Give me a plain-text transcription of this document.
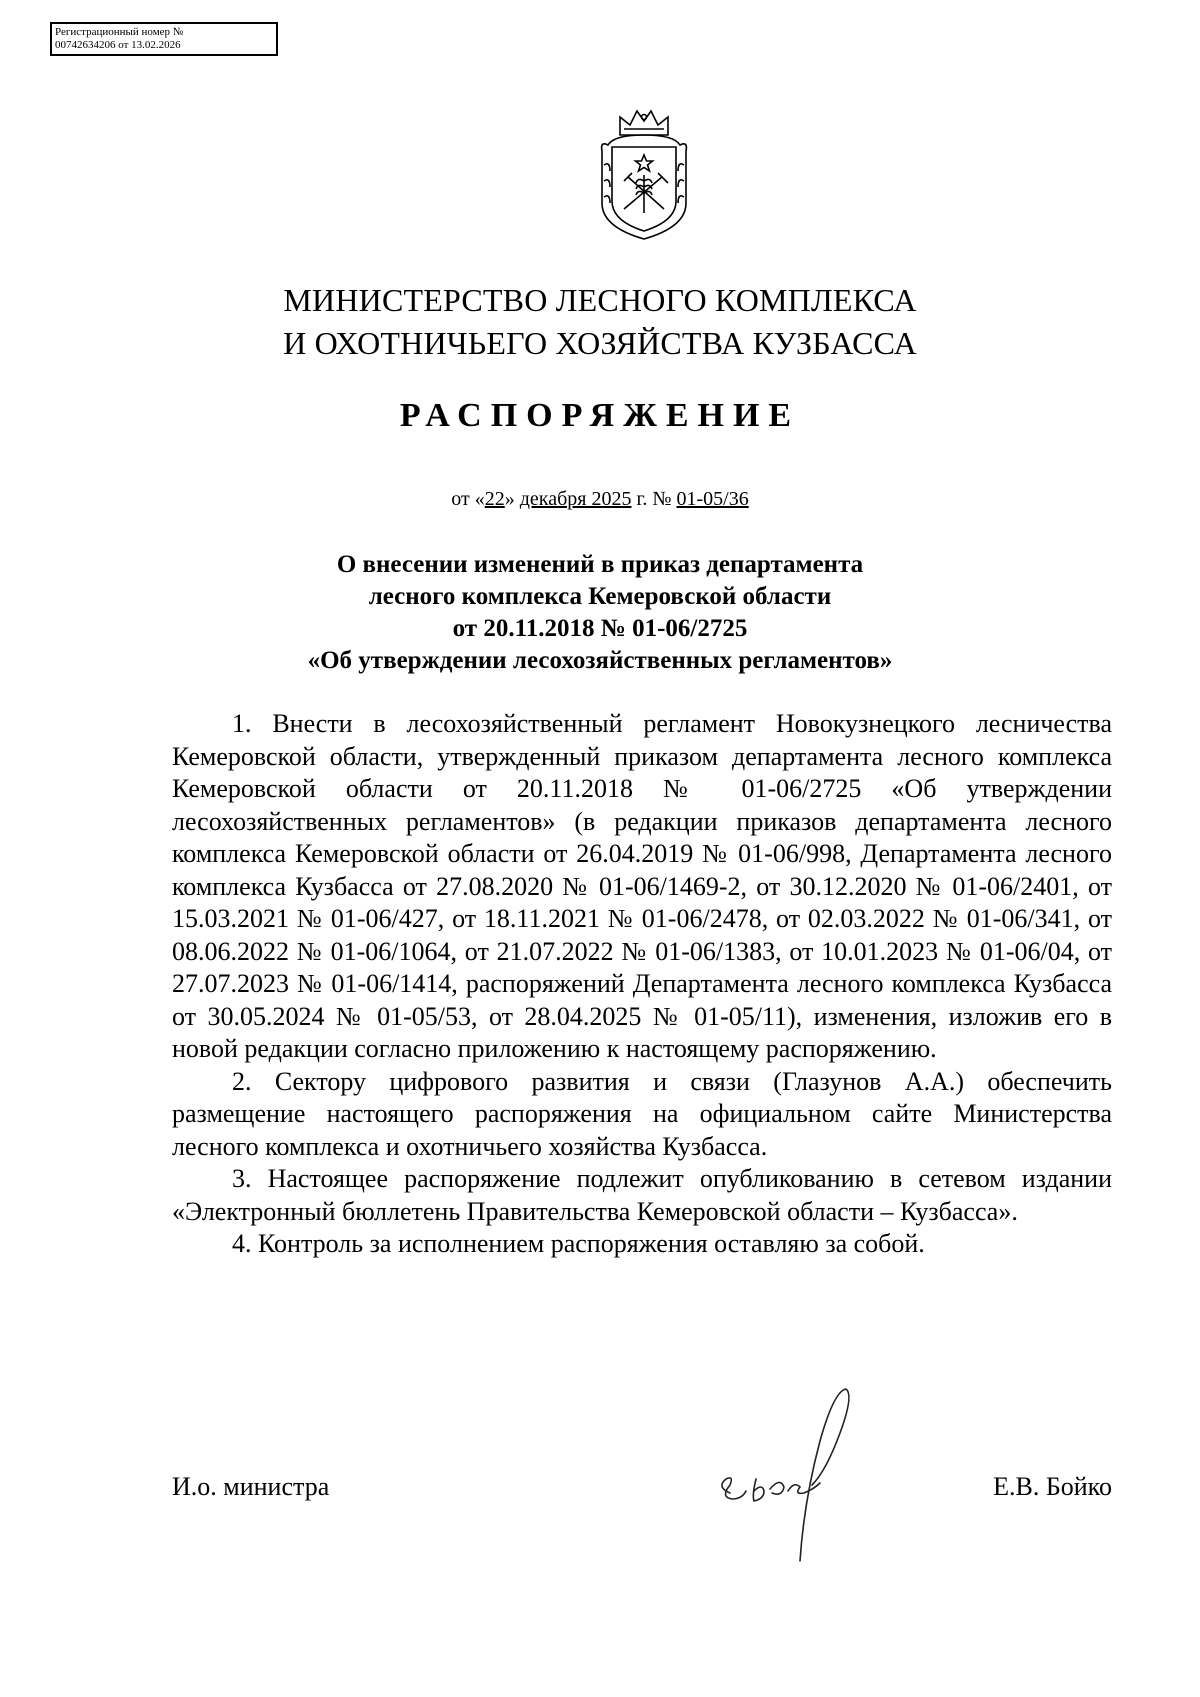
Регистрационный номер №
00742634206 от 13.02.2026
МИНИСТЕРСТВО ЛЕСНОГО КОМПЛЕКСА
И ОХОТНИЧЬЕГО ХОЗЯЙСТВА КУЗБАССА
РАСПОРЯЖЕНИЕ
от «22» декабря 2025 г. № 01-05/36
О внесении изменений в приказ департамента
лесного комплекса Кемеровской области
от 20.11.2018 № 01-06/2725
«Об утверждении лесохозяйственных регламентов»

1. Внести в лесохозяйственный регламент Новокузнецкого лесничества Кемеровской области, утвержденный приказом департамента лесного комплекса Кемеровской области от 20.11.2018 № 01-06/2725 «Об утверждении лесохозяйственных регламентов» (в редакции приказов департамента лесного комплекса Кемеровской области от 26.04.2019 № 01-06/998, Департамента лесного комплекса Кузбасса от 27.08.2020 № 01-06/1469-2, от 30.12.2020 № 01-06/2401, от 15.03.2021 № 01-06/427, от 18.11.2021 № 01-06/2478, от 02.03.2022 № 01-06/341, от 08.06.2022 № 01-06/1064, от 21.07.2022 № 01-06/1383, от 10.01.2023 № 01-06/04, от 27.07.2023 № 01-06/1414, распоряжений Департамента лесного комплекса Кузбасса от 30.05.2024 № 01-05/53, от 28.04.2025 № 01-05/11), изменения, изложив его в новой редакции согласно приложению к настоящему распоряжению.

2. Сектору цифрового развития и связи (Глазунов А.А.) обеспечить размещение настоящего распоряжения на официальном сайте Министерства лесного комплекса и охотничьего хозяйства Кузбасса.

3. Настоящее распоряжение подлежит опубликованию в сетевом издании «Электронный бюллетень Правительства Кемеровской области – Кузбасса».

4. Контроль за исполнением распоряжения оставляю за собой.

И.о. министра	Е.В. Бойко
